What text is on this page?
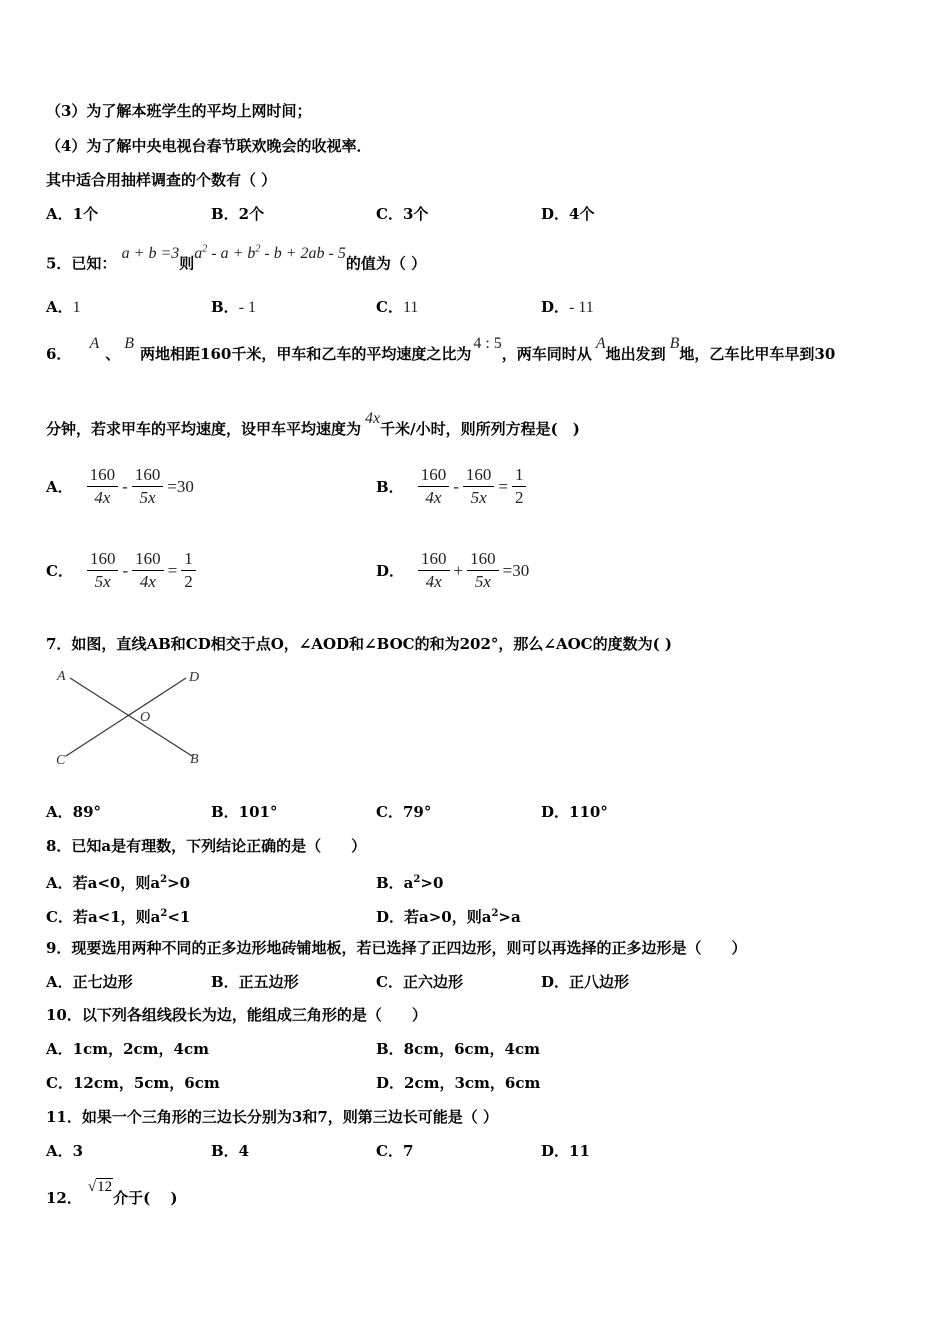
（3）为了解本班学生的平均上网时间；
（4）为了解中央电视台春节联欢晚会的收视率．
其中适合用抽样调查的个数有（ ）
A．1个	B．2个	C．3个	D．4个
5．已知： a + b =3则$a^2 - a + b^2 - b + 2ab - 5$的值为（ ）
A．1	B．- 1	C．11	D．- 11
6．A、B两地相距160千米，甲车和乙车的平均速度之比为4 : 5，两车同时从A地出发到B地，乙车比甲车早到30
分钟，若求甲车的平均速度，设甲车平均速度为4x千米/小时，则所列方程是(　)
A． $\frac{160}{4x} - \frac{160}{5x} =30$	B． $\frac{160}{4x} - \frac{160}{5x} = \frac{1}{2}$
C． $\frac{160}{5x} - \frac{160}{4x} = \frac{1}{2}$	D． $\frac{160}{4x} + \frac{160}{5x} =30$
7．如图，直线AB和CD相交于点O，∠AOD和∠BOC的和为202°，那么∠AOC的度数为( )
A	D
O
C	B
A．89°	B．101°	C．79°	D．110°
8．已知a是有理数，下列结论正确的是（　　）
A．若a<0，则$a^2>0$	B．$a^2>0$
C．若a<1，则$a^2<1$	D．若a>0，则$a^2>a$
9．现要选用两种不同的正多边形地砖铺地板，若已选择了正四边形，则可以再选择的正多边形是（　　）
A．正七边形	B．正五边形	C．正六边形	D．正八边形
10．以下列各组线段长为边，能组成三角形的是（　　）
A．1cm，2cm，4cm	B．8cm，6cm，4cm
C．12cm，5cm，6cm	D．2cm，3cm，6cm
11．如果一个三角形的三边长分别为3和7，则第三边长可能是（ ）
A．3	B．4	C．7	D．11
12．√12介于(　 )
